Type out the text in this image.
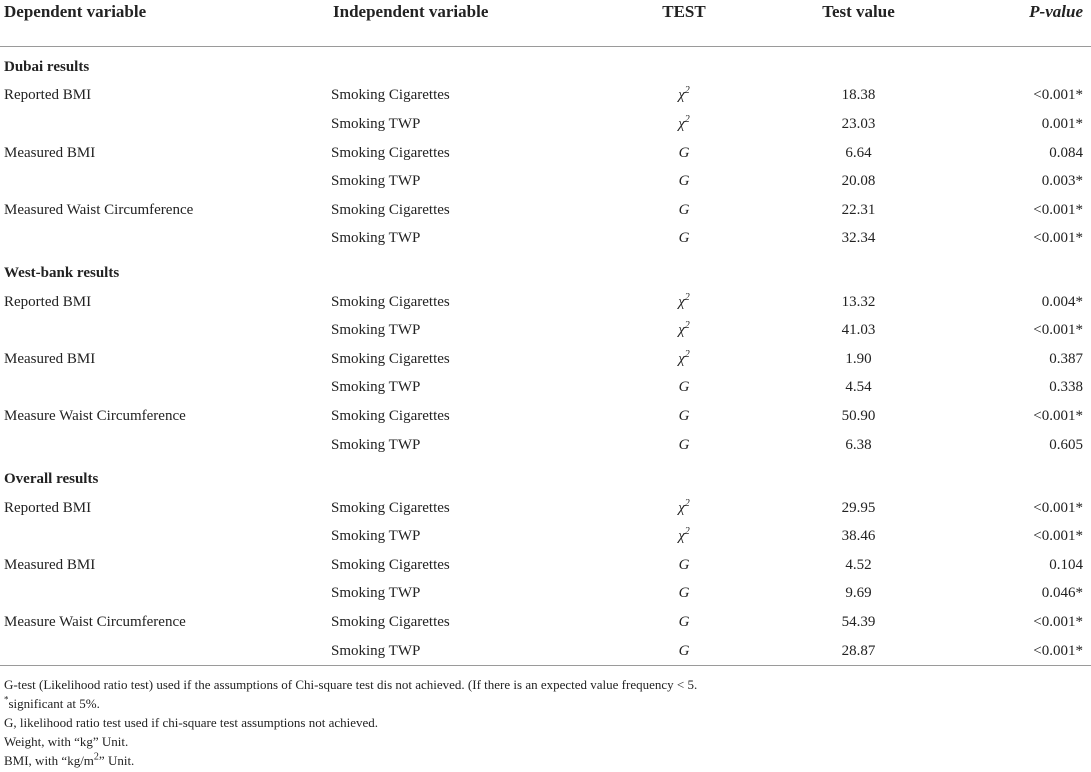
Dependent variable	Independent variable	TEST	Test value	P-value
Dubai results				
Reported BMI	Smoking Cigarettes	$\chi^2$	18.38	<0.001*
	Smoking TWP	$\chi^2$	23.03	0.001*
Measured BMI	Smoking Cigarettes	G	6.64	0.084
	Smoking TWP	G	20.08	0.003*
Measured Waist Circumference	Smoking Cigarettes	G	22.31	<0.001*
	Smoking TWP	G	32.34	<0.001*
West-bank results				
Reported BMI	Smoking Cigarettes	$\chi^2$	13.32	0.004*
	Smoking TWP	$\chi^2$	41.03	<0.001*
Measured BMI	Smoking Cigarettes	$\chi^2$	1.90	0.387
	Smoking TWP	G	4.54	0.338
Measure Waist Circumference	Smoking Cigarettes	G	50.90	<0.001*
	Smoking TWP	G	6.38	0.605
Overall results				
Reported BMI	Smoking Cigarettes	$\chi^2$	29.95	<0.001*
	Smoking TWP	$\chi^2$	38.46	<0.001*
Measured BMI	Smoking Cigarettes	G	4.52	0.104
	Smoking TWP	G	9.69	0.046*
Measure Waist Circumference	Smoking Cigarettes	G	54.39	<0.001*
	Smoking TWP	G	28.87	<0.001*
G-test (Likelihood ratio test) used if the assumptions of Chi-square test dis not achieved. (If there is an expected value frequency < 5.
*significant at 5%.
G, likelihood ratio test used if chi-square test assumptions not achieved.
Weight, with “kg” Unit.
BMI, with “$kg/m^2$” Unit.
